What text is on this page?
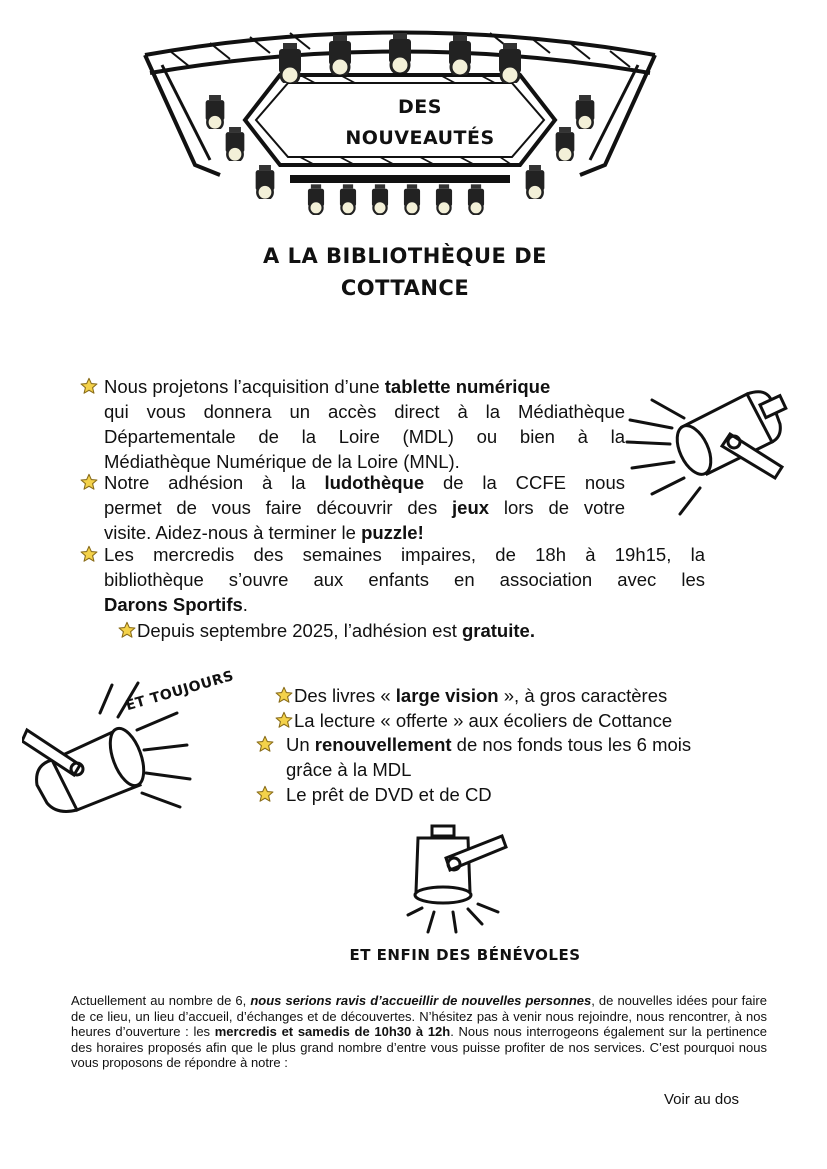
DES
NOUVEAUTÉS
A LA BIBLIOTHÈQUE DE
COTTANCE
Nous projetons l’acquisition d’une tablette numérique
qui vous donnera un accès direct à la Médiathèque
Départementale de la Loire (MDL) ou bien à la
Médiathèque Numérique de la Loire (MNL).
Notre adhésion à la ludothèque de la CCFE nous
permet de vous faire découvrir des jeux lors de votre
visite. Aidez-nous à terminer le puzzle!
Les mercredis des semaines impaires, de 18h à 19h15, la
bibliothèque s’ouvre aux enfants en association avec les
Darons Sportifs.
Depuis septembre 2025, l’adhésion est gratuite.
ET TOUJOURS	Des livres « large vision », à gros caractères
La lecture « offerte » aux écoliers de Cottance
Un renouvellement de nos fonds tous les 6 mois
grâce à la MDL
Le prêt de DVD et de CD
ET ENFIN DES BÉNÉVOLES
Actuellement au nombre de 6, nous serions ravis d’accueillir de nouvelles personnes, de nouvelles idées pour faire de ce lieu, un lieu d’accueil, d’échanges et de découvertes. N’hésitez pas à venir nous rejoindre, nous rencontrer, à nos heures d’ouverture : les mercredis et samedis de 10h30 à 12h. Nous nous interrogeons également sur la pertinence des horaires proposés afin que le plus grand nombre d’entre vous puisse profiter de nos services. C’est pourquoi nous vous proposons de répondre à notre :
Voir au dos
